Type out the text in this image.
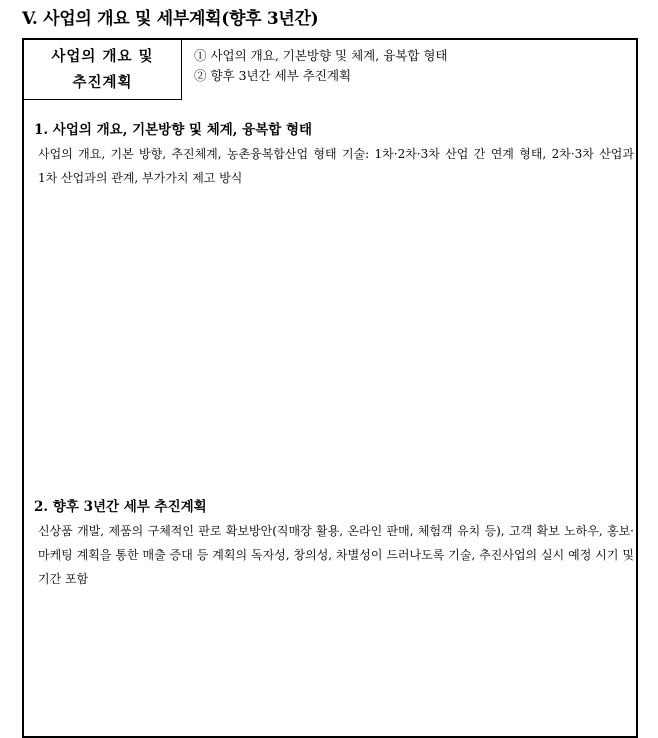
V. 사업의 개요 및 세부계획(향후 3년간)
사업의 개요 및
추진계획
① 사업의 개요, 기본방향 및 체계, 융복합 형태
② 향후 3년간 세부 추진계획
1. 사업의 개요, 기본방향 및 체계, 융복합 형태
사업의 개요, 기본 방향, 추진체계, 농촌융복합산업 형태 기술: 1차·2차·3차 산업 간 연계 형태, 2차·3차 산업과 1차 산업과의 관계, 부가가치 제고 방식
2. 향후 3년간 세부 추진계획
신상품 개발, 제품의 구체적인 판로 확보방안(직매장 활용, 온라인 판매, 체험객 유치 등), 고객 확보 노하우, 홍보·마케팅 계획을 통한 매출 증대 등 계획의 독자성, 창의성, 차별성이 드러나도록 기술, 추진사업의 실시 예정 시기 및 기간 포함
